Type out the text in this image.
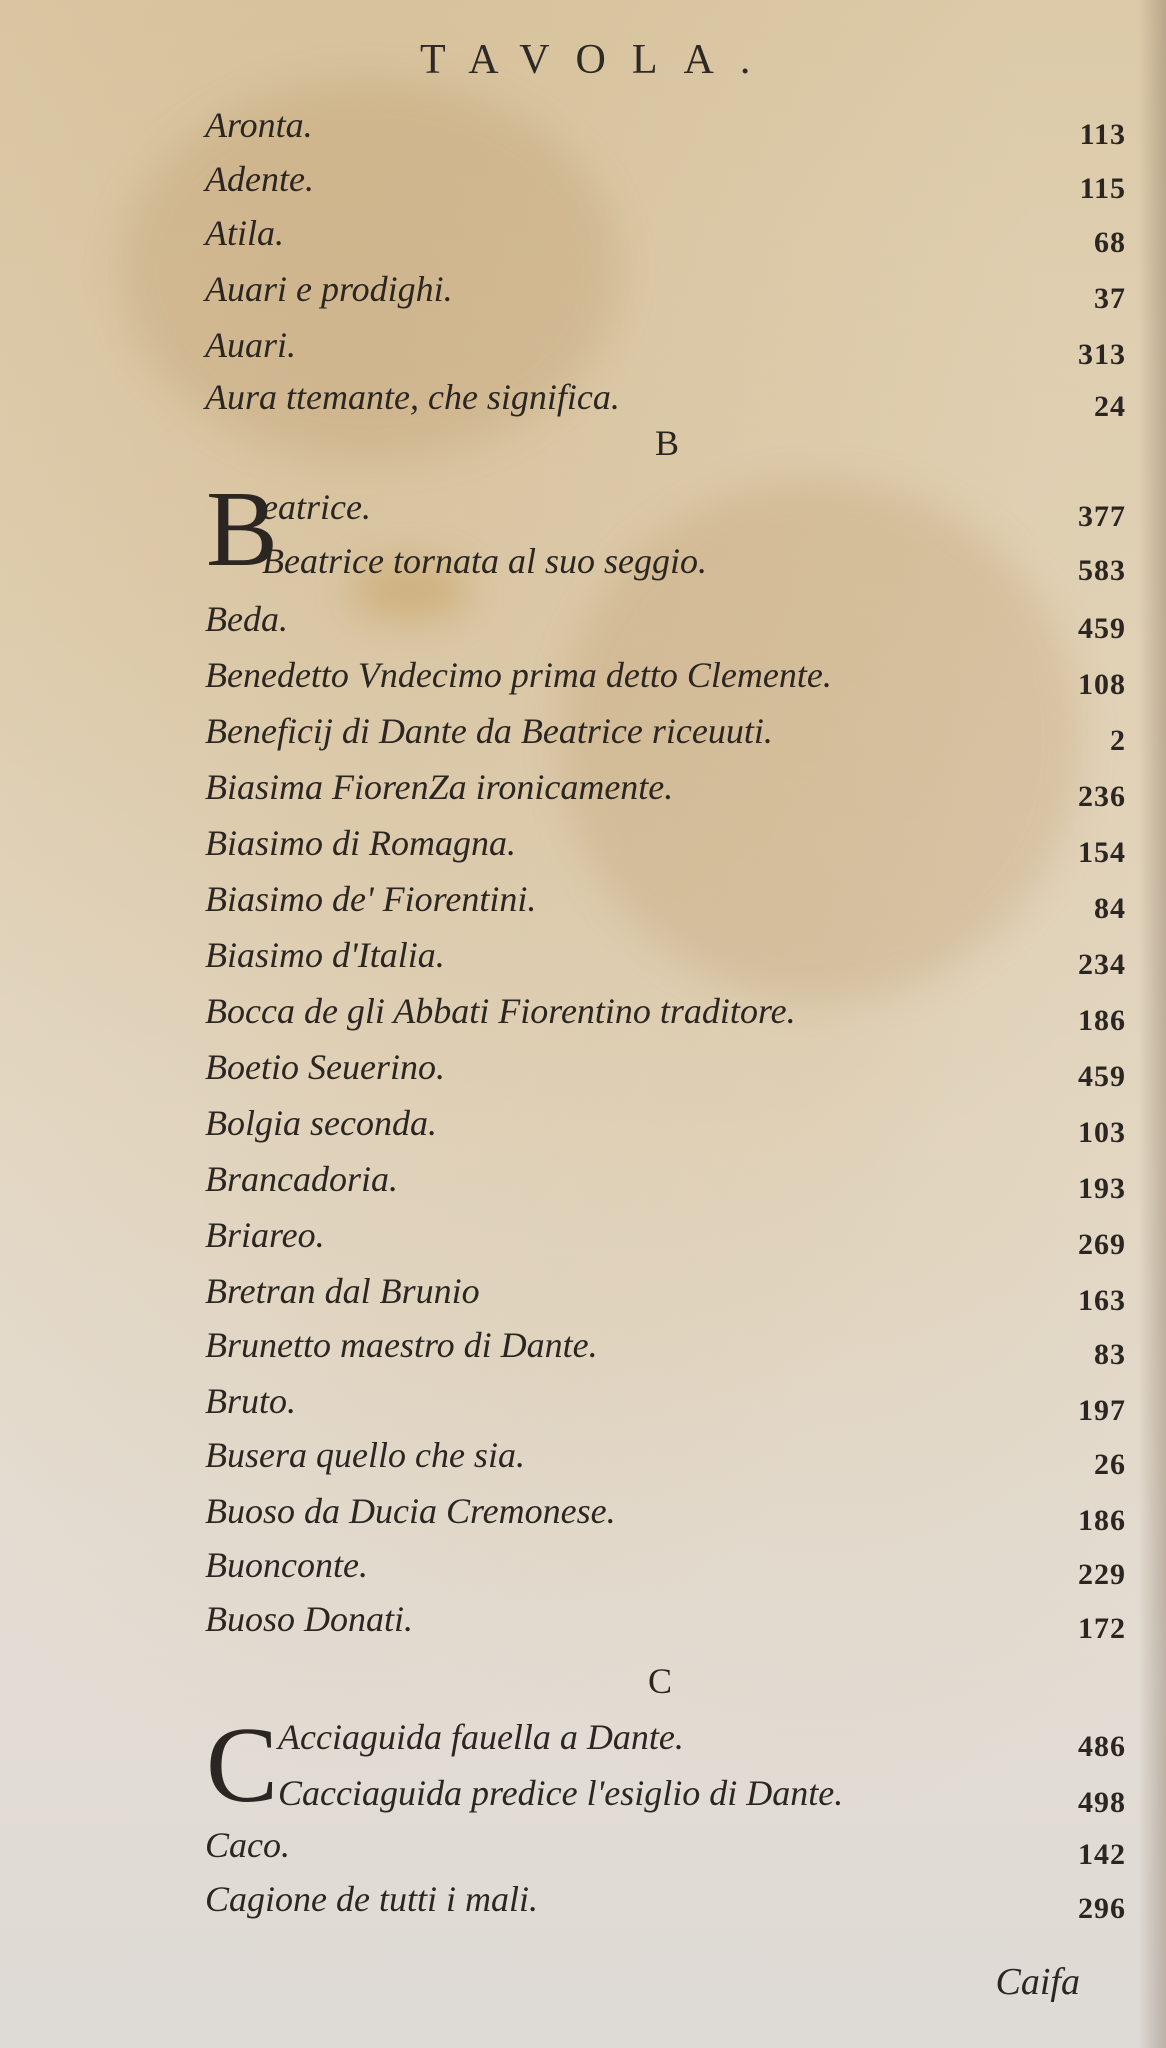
TAVOLA.
Aronta.	113
Adente.	115
Atila.	68
Auari e prodighi.	37
Auari.	313
Aura ttemante, che significa.	24
B
B
eatrice.	377
Beatrice tornata al suo seggio.	583
Beda.	459
Benedetto Vndecimo prima detto Clemente.	108
Beneficij di Dante da Beatrice riceuuti.	2
Biasima FiorenZa ironicamente.	236
Biasimo di Romagna.	154
Biasimo de' Fiorentini.	84
Biasimo d'Italia.	234
Bocca de gli Abbati Fiorentino traditore.	186
Boetio Seuerino.	459
Bolgia seconda.	103
Brancadoria.	193
Briareo.	269
Bretran dal Brunio	163
Brunetto maestro di Dante.	83
Bruto.	197
Busera quello che sia.	26
Buoso da Ducia Cremonese.	186
Buonconte.	229
Buoso Donati.	172
C
C Acciaguida fauella a Dante.	486
Cacciaguida predice l'esiglio di Dante.	498
Caco.	142
Cagione de tutti i mali.	296
Caifa
